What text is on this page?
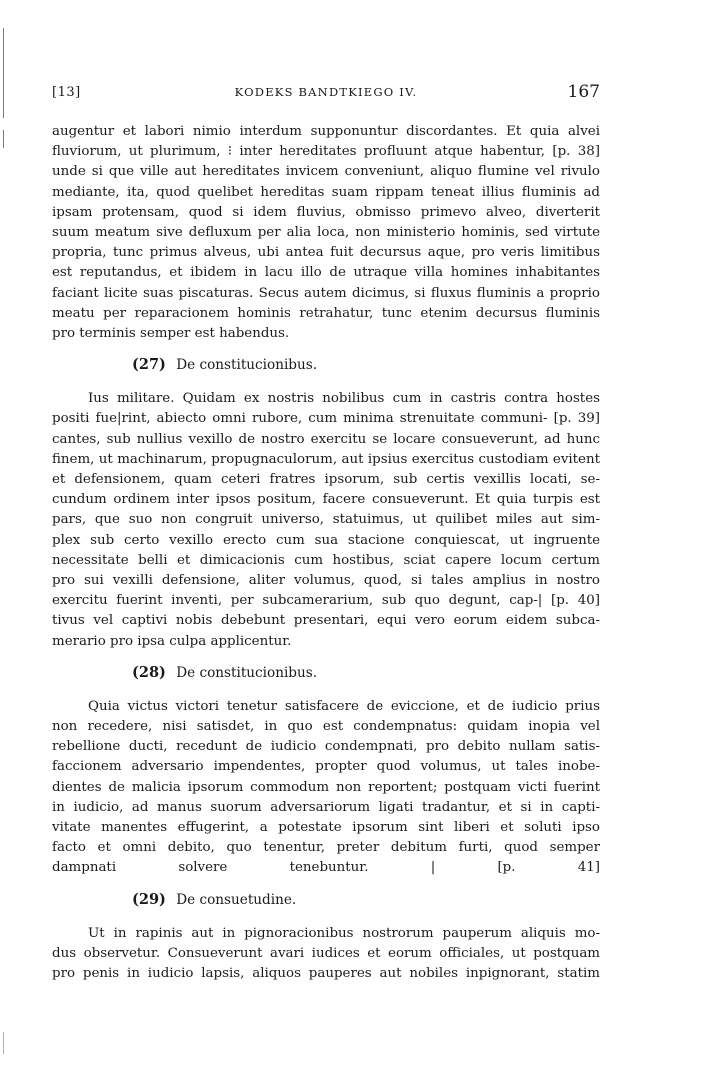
[13]	KODEKS BANDTKIEGO IV.	167
augentur et labori nimio interdum supponuntur discordantes. Et quia alvei
fluviorum, ut plurimum, ⁝ inter hereditates profluunt atque habentur, [p. 38]
unde si que ville aut hereditates invicem conveniunt, aliquo flumine vel rivulo
mediante, ita, quod quelibet hereditas suam rippam teneat illius fluminis ad
ipsam protensam, quod si idem fluvius, obmisso primevo alveo, diverterit
suum meatum sive defluxum per alia loca, non ministerio hominis, sed virtute
propria, tunc primus alveus, ubi antea fuit decursus aque, pro veris limitibus
est reputandus, et ibidem in lacu illo de utraque villa homines inhabitantes
faciant licite suas piscaturas. Secus autem dicimus, si fluxus fluminis a proprio
meatu per reparacionem hominis retrahatur, tunc etenim decursus fluminis
pro terminis semper est habendus.
(27) De constitucionibus.
Ius militare. Quidam ex nostris nobilibus cum in castris contra hostes
positi fue|rint, abiecto omni rubore, cum minima strenuitate communi- [p. 39]
cantes, sub nullius vexillo de nostro exercitu se locare consueverunt, ad hunc
finem, ut machinarum, propugnaculorum, aut ipsius exercitus custodiam evitent
et defensionem, quam ceteri fratres ipsorum, sub certis vexillis locati, se-
cundum ordinem inter ipsos positum, facere consueverunt. Et quia turpis est
pars, que suo non congruit universo, statuimus, ut quilibet miles aut sim-
plex sub certo vexillo erecto cum sua stacione conquiescat, ut ingruente
necessitate belli et dimicacionis cum hostibus, sciat capere locum certum
pro sui vexilli defensione, aliter volumus, quod, si tales amplius in nostro
exercitu fuerint inventi, per subcamerarium, sub quo degunt, cap-| [p. 40]
tivus vel captivi nobis debebunt presentari, equi vero eorum eidem subca-
merario pro ipsa culpa applicentur.
(28) De constitucionibus.
Quia victus victori tenetur satisfacere de eviccione, et de iudicio prius
non recedere, nisi satisdet, in quo est condempnatus: quidam inopia vel
rebellione ducti, recedunt de iudicio condempnati, pro debito nullam satis-
faccionem adversario impendentes, propter quod volumus, ut tales inobe-
dientes de malicia ipsorum commodum non reportent; postquam victi fuerint
in iudicio, ad manus suorum adversariorum ligati tradantur, et si in capti-
vitate manentes effugerint, a potestate ipsorum sint liberi et soluti ipso
facto et omni debito, quo tenentur, preter debitum furti, quod semper
dampnati solvere tenebuntur. | [p. 41]
(29) De consuetudine.
Ut in rapinis aut in pignoracionibus nostrorum pauperum aliquis mo-
dus observetur. Consueverunt avari iudices et eorum officiales, ut postquam
pro penis in iudicio lapsis, aliquos pauperes aut nobiles inpignorant, statim
